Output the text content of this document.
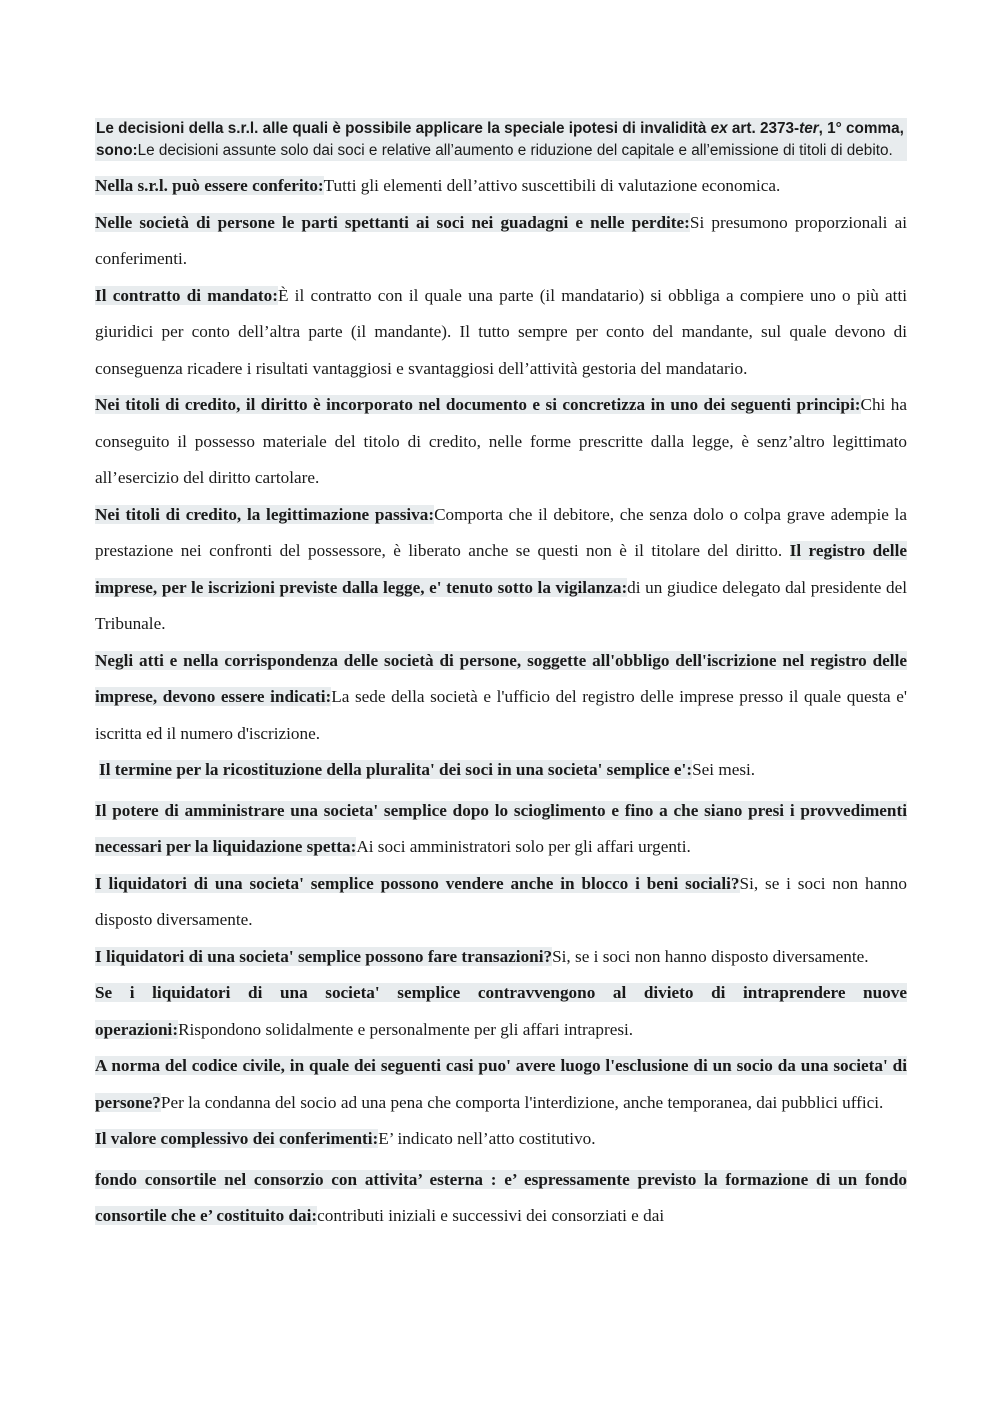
Le decisioni della s.r.l. alle quali è possibile applicare la speciale ipotesi di invalidità ex art. 2373-ter, 1° comma, sono:Le decisioni assunte solo dai soci e relative all’aumento e riduzione del capitale e all’emissione di titoli di debito.

Nella s.r.l. può essere conferito:Tutti gli elementi dell’attivo suscettibili di valutazione economica.

Nelle società di persone le parti spettanti ai soci nei guadagni e nelle perdite:Si presumono proporzionali ai conferimenti.

Il contratto di mandato:È il contratto con il quale una parte (il mandatario) si obbliga a compiere uno o più atti giuridici per conto dell’altra parte (il mandante). Il tutto sempre per conto del mandante, sul quale devono di conseguenza ricadere i risultati vantaggiosi e svantaggiosi dell’attività gestoria del mandatario.

Nei titoli di credito, il diritto è incorporato nel documento e si concretizza in uno dei seguenti principi:Chi ha conseguito il possesso materiale del titolo di credito, nelle forme prescritte dalla legge, è senz’altro legittimato all’esercizio del diritto cartolare.

Nei titoli di credito, la legittimazione passiva:Comporta che il debitore, che senza dolo o colpa grave adempie la prestazione nei confronti del possessore, è liberato anche se questi non è il titolare del diritto. Il registro delle imprese, per le iscrizioni previste dalla legge, e' tenuto sotto la vigilanza:di un giudice delegato dal presidente del Tribunale.

Negli atti e nella corrispondenza delle società di persone, soggette all'obbligo dell'iscrizione nel registro delle imprese, devono essere indicati:La sede della società e l'ufficio del registro delle imprese presso il quale questa e' iscritta ed il numero d'iscrizione.

Il termine per la ricostituzione della pluralita' dei soci in una societa' semplice e':Sei mesi.

Il potere di amministrare una societa' semplice dopo lo scioglimento e fino a che siano presi i provvedimenti necessari per la liquidazione spetta:Ai soci amministratori solo per gli affari urgenti.

I liquidatori di una societa' semplice possono vendere anche in blocco i beni sociali?Si, se i soci non hanno disposto diversamente.

I liquidatori di una societa' semplice possono fare transazioni?Si, se i soci non hanno disposto diversamente.

Se i liquidatori di una societa' semplice contravvengono al divieto di intraprendere nuove operazioni:Rispondono solidalmente e personalmente per gli affari intrapresi.

A norma del codice civile, in quale dei seguenti casi puo' avere luogo l'esclusione di un socio da una societa' di persone?Per la condanna del socio ad una pena che comporta l'interdizione, anche temporanea, dai pubblici uffici.

Il valore complessivo dei conferimenti:E’ indicato nell’atto costitutivo.

fondo consortile nel consorzio con attivita’ esterna : e’ espressamente previsto la formazione di un fondo consortile che e’ costituito dai:contributi iniziali e successivi dei consorziati e dai
